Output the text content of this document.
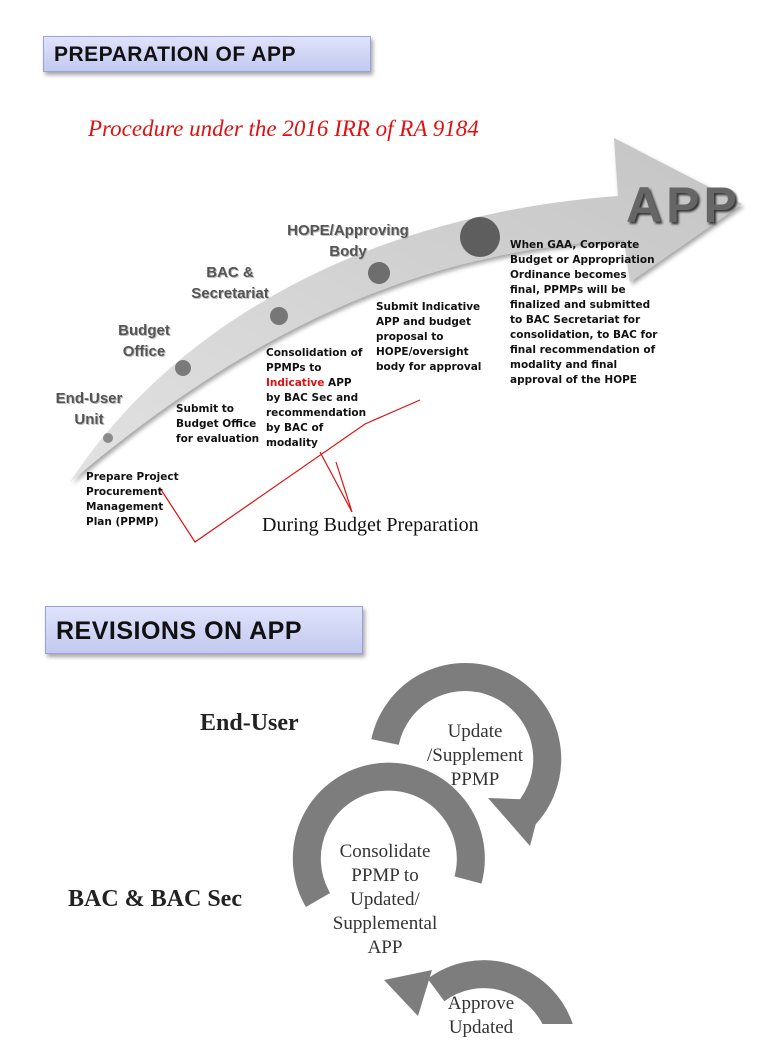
PREPARATION OF APP
Procedure under the 2016 IRR of RA 9184
APP
End-User Unit
Budget Office
BAC & Secretariat
HOPE/Approving Body
Prepare Project Procurement Management Plan (PPMP)
Submit to Budget Office for evaluation
Consolidation of PPMPs to Indicative APP by BAC Sec and recommendation by BAC of modality
Submit Indicative APP and budget proposal to HOPE/oversight body for approval
When GAA, Corporate Budget or Appropriation Ordinance becomes final, PPMPs will be finalized and submitted to BAC Secretariat for consolidation, to BAC for final recommendation of modality and final approval of the HOPE
During Budget Preparation
REVISIONS ON APP
End-User
BAC & BAC Sec
Update /Supplement PPMP
Consolidate PPMP to Updated/ Supplemental APP
Approve Updated
